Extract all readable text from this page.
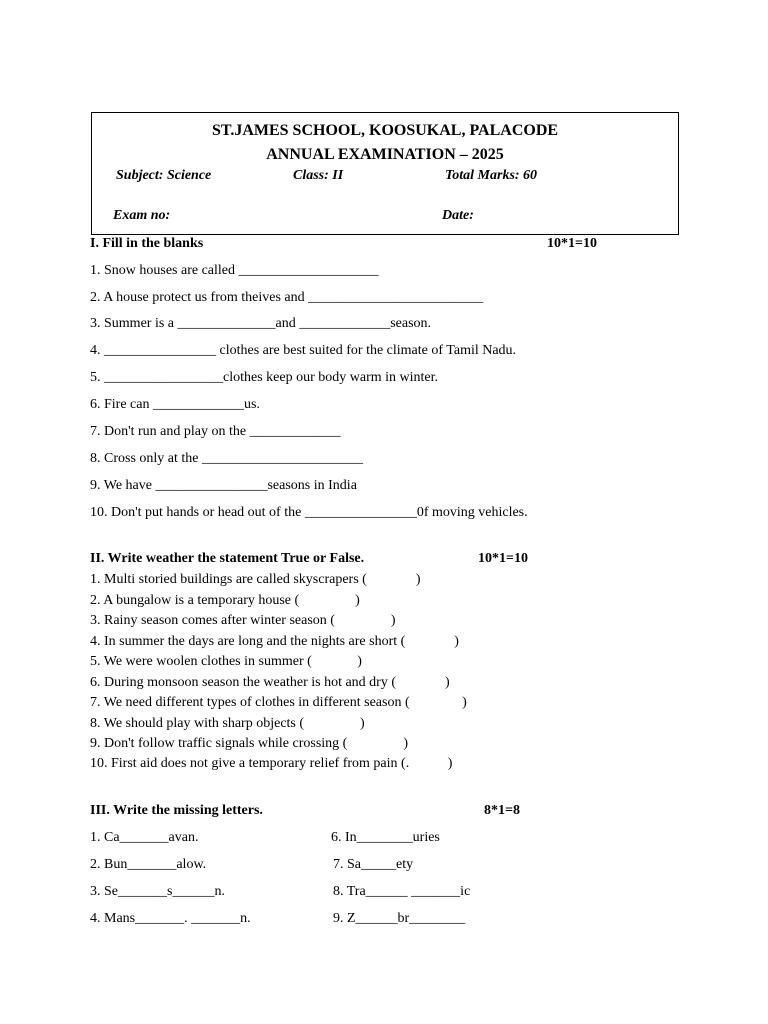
ST.JAMES SCHOOL, KOOSUKAL, PALACODE
ANNUAL EXAMINATION – 2025
Subject: Science	Class: II	Total Marks: 60
Exam no:	Date:
I. Fill in the blanks	10*1=10
1. Snow houses are called ____________________
2. A house protect us from theives and _________________________
3. Summer is a ______________and _____________season.
4. ________________ clothes are best suited for the climate of Tamil Nadu.
5. _________________clothes keep our body warm in winter.
6. Fire can _____________us.
7. Don't run and play on the _____________
8. Cross only at the _______________________
9. We have ________________seasons in India
10. Don't put hands or head out of the ________________0f moving vehicles.
II. Write weather the statement True or False.	10*1=10
1. Multi storied buildings are called skyscrapers (              )
2. A bungalow is a temporary house (                )
3. Rainy season comes after winter season (                )
4. In summer the days are long and the nights are short (              )
5. We were woolen clothes in summer (             )
6. During monsoon season the weather is hot and dry (              )
7. We need different types of clothes in different season (               )
8. We should play with sharp objects (                )
9. Don't follow traffic signals while crossing (                )
10. First aid does not give a temporary relief from pain (.           )
III. Write the missing letters.	8*1=8
1. Ca_______avan.
2. Bun_______alow.
3. Se_______s______n.
4. Mans_______. _______n.
6. In________uries
7. Sa_____ety
8. Tra______ _______ic
9. Z______br________
